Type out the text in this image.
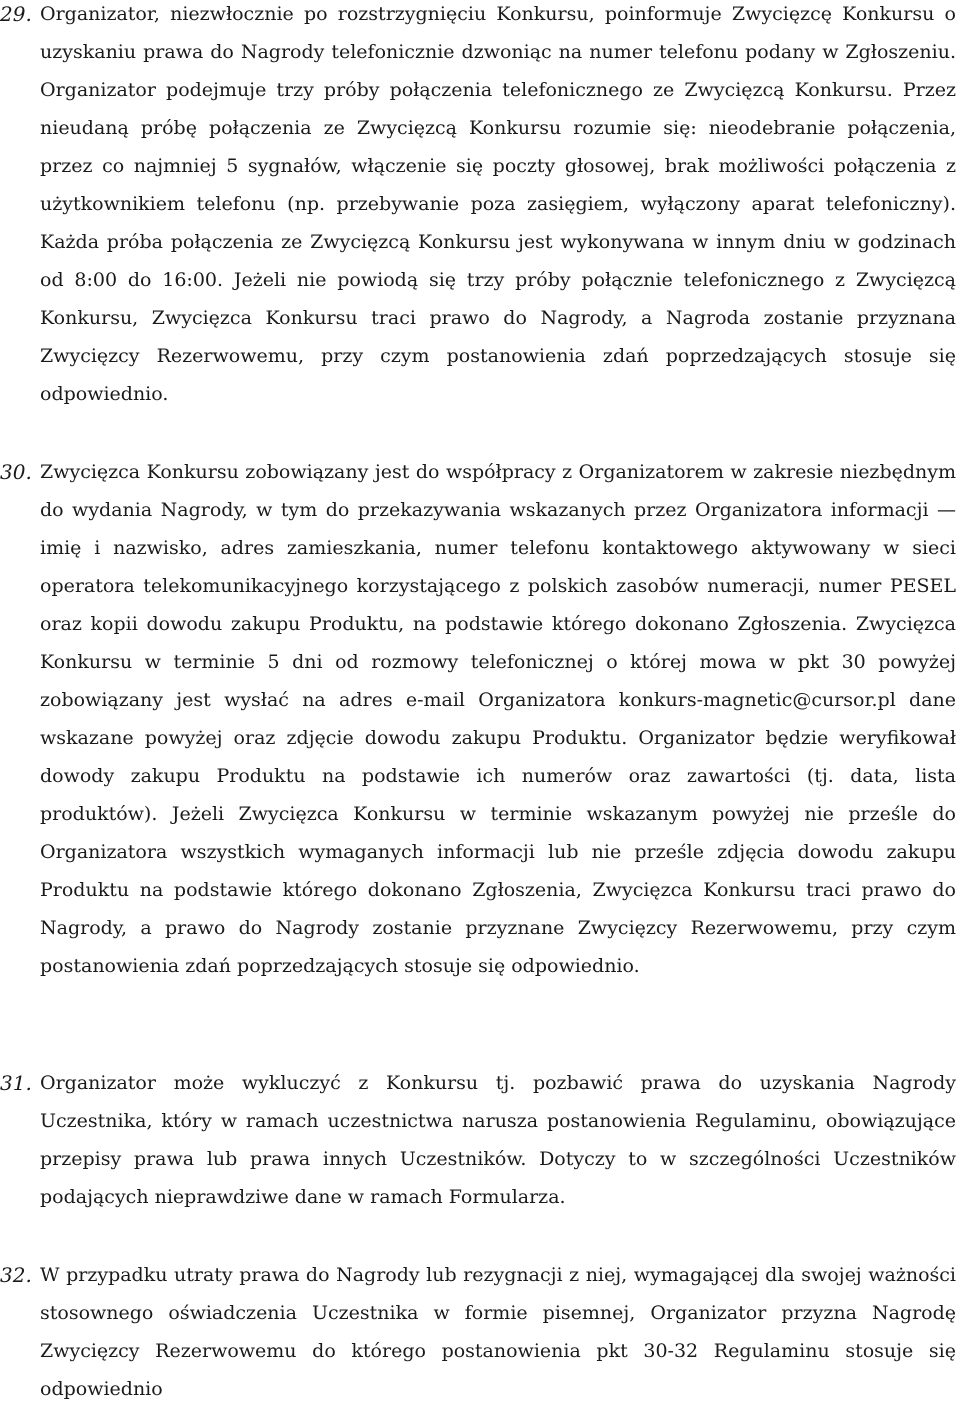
29. Organizator, niezwłocznie po rozstrzygnięciu Konkursu, poinformuje Zwycięzcę Konkursu o uzyskaniu prawa do Nagrody telefonicznie dzwoniąc na numer telefonu podany w Zgłoszeniu. Organizator podejmuje trzy próby połączenia telefonicznego ze Zwycięzcą Konkursu. Przez nieudaną próbę połączenia ze Zwycięzcą Konkursu rozumie się: nieodebranie połączenia, przez co najmniej 5 sygnałów, włączenie się poczty głosowej, brak możliwości połączenia z użytkownikiem telefonu (np. przebywanie poza zasięgiem, wyłączony aparat telefoniczny). Każda próba połączenia ze Zwycięzcą Konkursu jest wykonywana w innym dniu w godzinach od 8:00 do 16:00. Jeżeli nie powiodą się trzy próby połącznie telefonicznego z Zwycięzcą Konkursu, Zwycięzca Konkursu traci prawo do Nagrody, a Nagroda zostanie przyznana Zwycięzcy Rezerwowemu, przy czym postanowienia zdań poprzedzających stosuje się odpowiednio.
30. Zwycięzca Konkursu zobowiązany jest do współpracy z Organizatorem w zakresie niezbędnym do wydania Nagrody, w tym do przekazywania wskazanych przez Organizatora informacji — imię i nazwisko, adres zamieszkania, numer telefonu kontaktowego aktywowany w sieci operatora telekomunikacyjnego korzystającego z polskich zasobów numeracji, numer PESEL oraz kopii dowodu zakupu Produktu, na podstawie którego dokonano Zgłoszenia. Zwycięzca Konkursu w terminie 5 dni od rozmowy telefonicznej o której mowa w pkt 30 powyżej zobowiązany jest wysłać na adres e-mail Organizatora konkurs-magnetic@cursor.pl dane wskazane powyżej oraz zdjęcie dowodu zakupu Produktu. Organizator będzie weryfikował dowody zakupu Produktu na podstawie ich numerów oraz zawartości (tj. data, lista produktów). Jeżeli Zwycięzca Konkursu w terminie wskazanym powyżej nie prześle do Organizatora wszystkich wymaganych informacji lub nie prześle zdjęcia dowodu zakupu Produktu na podstawie którego dokonano Zgłoszenia, Zwycięzca Konkursu traci prawo do Nagrody, a prawo do Nagrody zostanie przyznane Zwycięzcy Rezerwowemu, przy czym postanowienia zdań poprzedzających stosuje się odpowiednio.
31. Organizator może wykluczyć z Konkursu tj. pozbawić prawa do uzyskania Nagrody Uczestnika, który w ramach uczestnictwa narusza postanowienia Regulaminu, obowiązujące przepisy prawa lub prawa innych Uczestników. Dotyczy to w szczególności Uczestników podających nieprawdziwe dane w ramach Formularza.
32. W przypadku utraty prawa do Nagrody lub rezygnacji z niej, wymagającej dla swojej ważności stosownego oświadczenia Uczestnika w formie pisemnej, Organizator przyzna Nagrodę Zwycięzcy Rezerwowemu do którego postanowienia pkt 30-32 Regulaminu stosuje się odpowiednio
